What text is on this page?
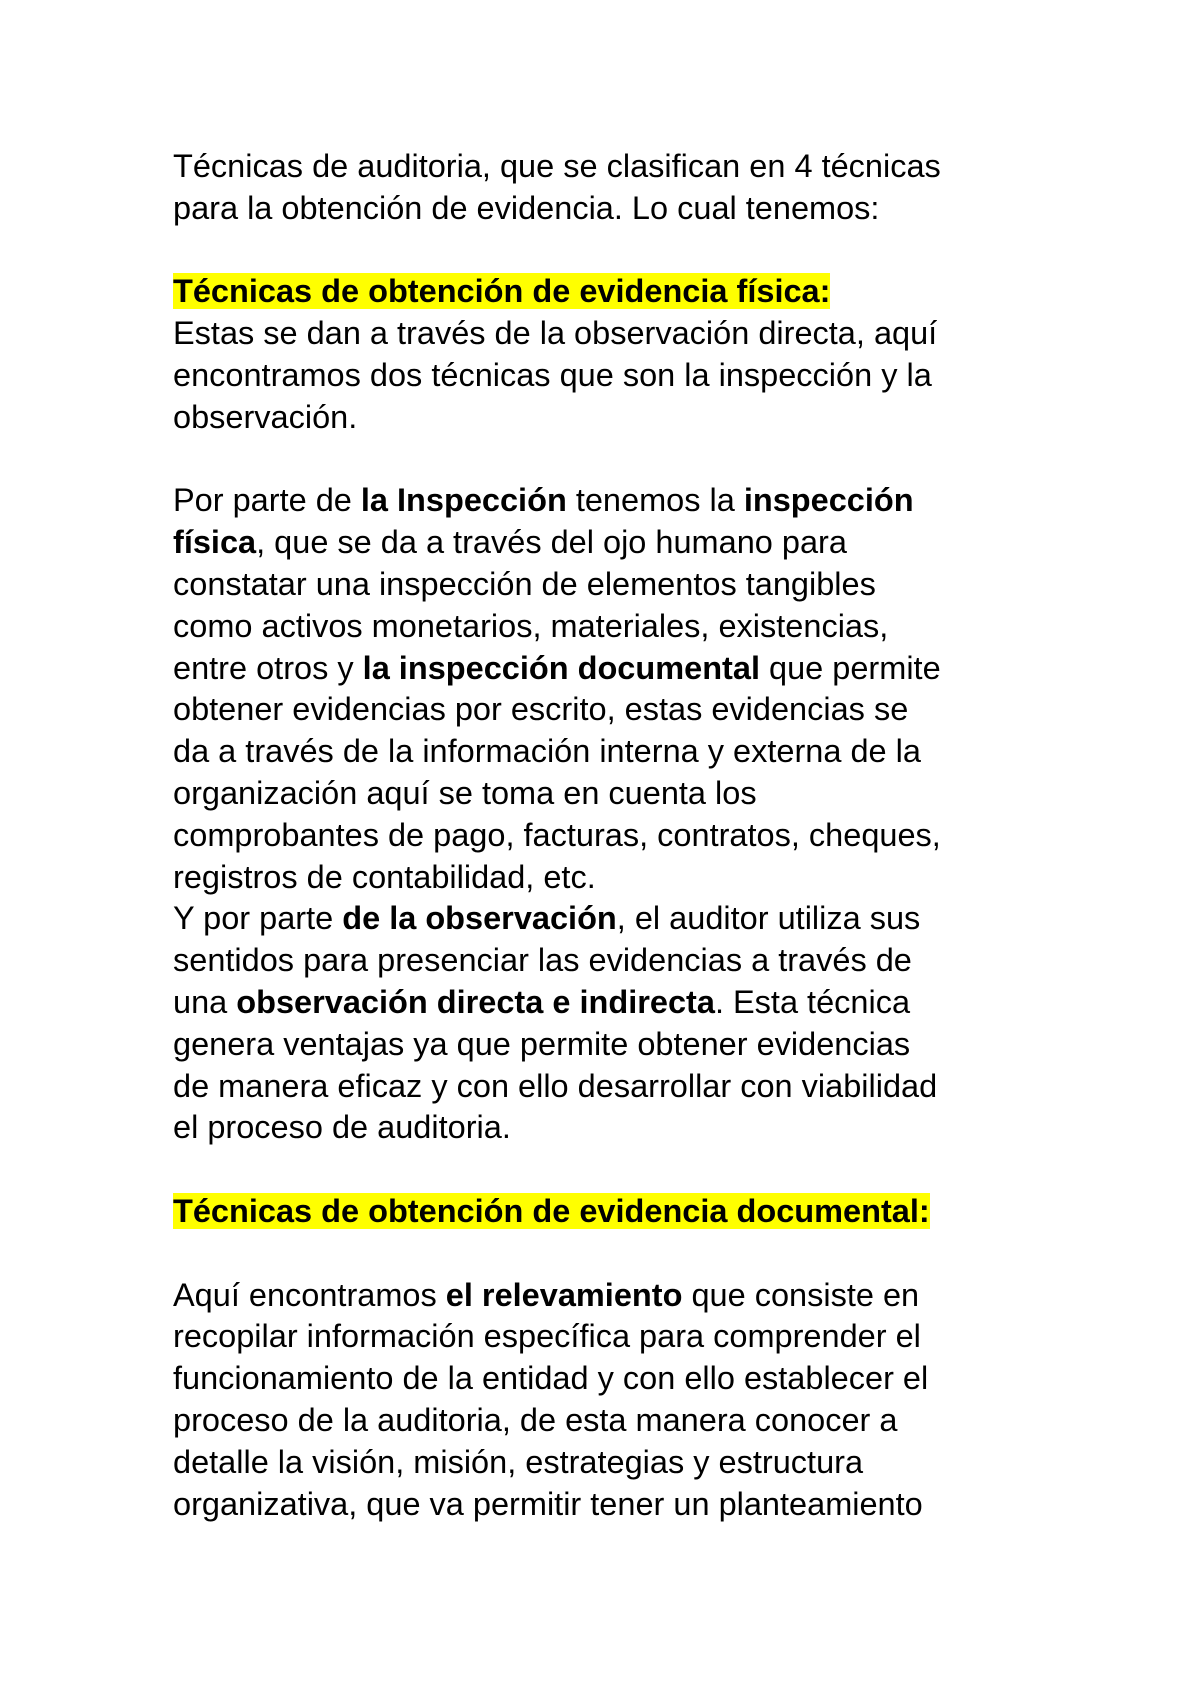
Técnicas de auditoria, que se clasifican en 4 técnicas
para la obtención de evidencia. Lo cual tenemos:

Técnicas de obtención de evidencia física:

Estas se dan a través de la observación directa, aquí
encontramos dos técnicas que son la inspección y la
observación.

Por parte de la Inspección tenemos la inspección
física, que se da a través del ojo humano para
constatar una inspección de elementos tangibles
como activos monetarios, materiales, existencias,
entre otros y la inspección documental que permite
obtener evidencias por escrito, estas evidencias se
da a través de la información interna y externa de la
organización aquí se toma en cuenta los
comprobantes de pago, facturas, contratos, cheques,
registros de contabilidad, etc.
Y por parte de la observación, el auditor utiliza sus
sentidos para presenciar las evidencias a través de
una observación directa e indirecta. Esta técnica
genera ventajas ya que permite obtener evidencias
de manera eficaz y con ello desarrollar con viabilidad
el proceso de auditoria.

Técnicas de obtención de evidencia documental:

Aquí encontramos el relevamiento que consiste en
recopilar información específica para comprender el
funcionamiento de la entidad y con ello establecer el
proceso de la auditoria, de esta manera conocer a
detalle la visión, misión, estrategias y estructura
organizativa, que va permitir tener un planteamiento
